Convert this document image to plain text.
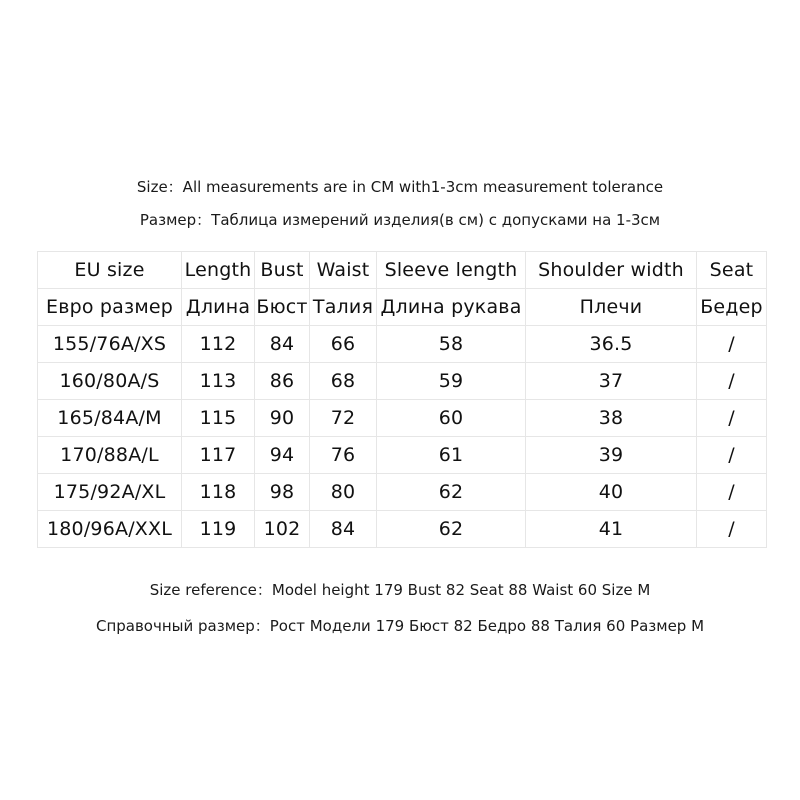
Size：All measurements are in CM with1-3cm measurement tolerance
Размер：Таблица измерений изделия(в см) с допусками на 1-3см
EU size	Length	Bust	Waist	Sleeve length	Shoulder width	Seat
Евро размер	Длина	Бюст	Талия	Длина рукава	Плечи	Бедер
155/76A/XS	112	84	66	58	36.5	/
160/80A/S	113	86	68	59	37	/
165/84A/M	115	90	72	60	38	/
170/88A/L	117	94	76	61	39	/
175/92A/XL	118	98	80	62	40	/
180/96A/XXL	119	102	84	62	41	/
Size reference：Model height 179 Bust 82 Seat 88 Waist 60 Size M
Справочный размер：Рост Модели 179 Бюст 82 Бедро 88 Талия 60 Размер M
